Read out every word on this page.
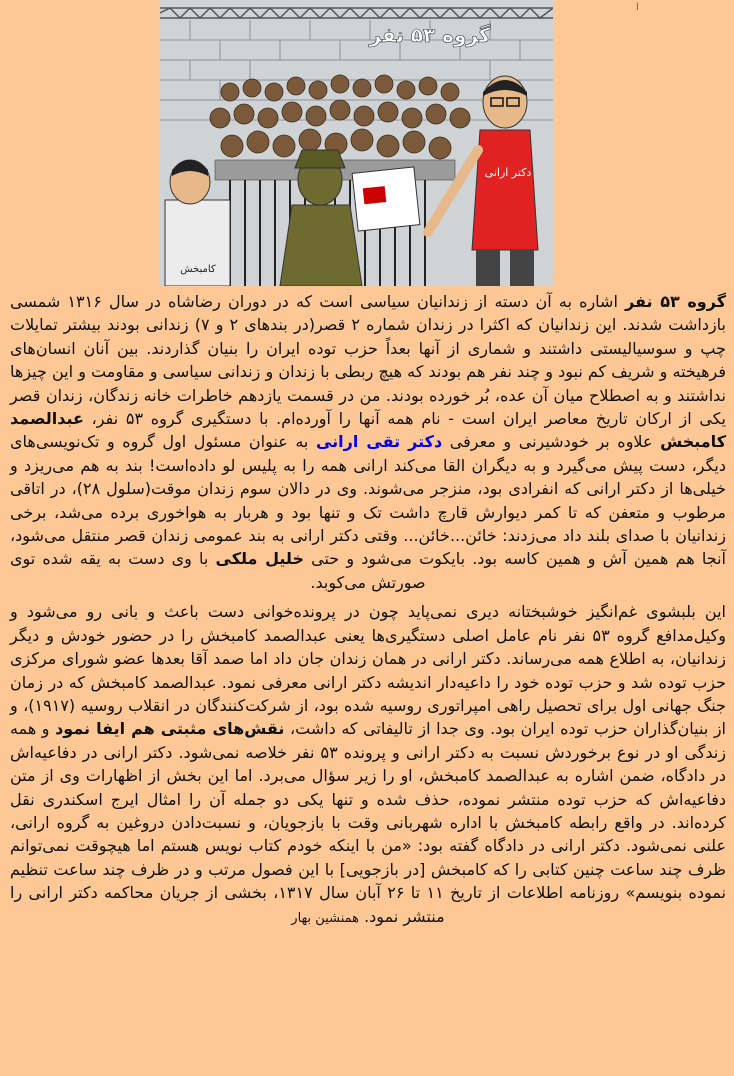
ا
گروه ۵۳ نفر
کامبخش
دکتر ارانی

گروه ۵۳ نفر اشاره به آن دسته از زندانیان سیاسی است که در دوران رضاشاه در سال ۱۳۱۶ شمسی بازداشت شدند. این زندانیان که اکثرا در زندان شماره ۲ قصر(در بندهای ۲ و ۷) زندانی بودند بیشتر تمایلات چپ و سوسیالیستی داشتند و شماری از آنها بعداً حزب توده ایران را بنیان گذاردند. بین آنان انسان‌های فرهیخته و شریف کم نبود و چند نفر هم بودند که هیچ ربطی با زندان و زندانی سیاسی و مقاومت و این چیزها نداشتند و به اصطلاح میان آن عده، بُر خورده بودند. من در قسمت یازدهم خاطرات خانه زندگان، زندان قصر یکی از ارکان تاریخ معاصر ایران است - نام همه آنها را آورده‌ام. با دستگیری گروه ۵۳ نفر، عبدالصمد کامبخش علاوه بر خودشیرنی و معرفی دکتر تقی ارانی به عنوان مسئول اول گروه و تک‌نویسی‌های دیگر، دست پیش می‌گیرد و به دیگران القا می‌کند ارانی همه را به پلیس لو داده‌است! بند به هم می‌ریزد و خیلی‌ها از دکتر ارانی که انفرادی بود، منزجر می‌شوند. وی در دالان سوم زندان موقت(سلول ۲۸)، در اتاقی مرطوب و متعفن که تا کمر دیوارش قارچ داشت تک و تنها بود و هربار به هواخوری برده می‌شد، برخی زندانیان با صدای بلند داد می‌زدند: خائن...خائن... وقتی دکتر ارانی به بند عمومی زندان قصر منتقل می‌شود، آنجا هم همین آش و همین کاسه بود. بایکوت می‌شود و حتی خلیل ملکی با وی دست به یقه شده توی صورتش می‌کوبد.

این بلبشوی غم‌انگیز خوشبختانه دیری نمی‌پاید چون در پرونده‌خوانی دست باعث و بانی رو می‌شود و وکیل‌مدافع گروه ۵۳ نفر نام عامل اصلی دستگیری‌ها یعنی عبدالصمد کامبخش را در حضور خودش و دیگر زندانیان، به اطلاع همه می‌رساند. دکتر ارانی در همان زندان جان داد اما صمد آقا بعدها عضو شورای مرکزی حزب توده شد و حزب توده خود را داعیه‌دار اندیشه دکتر ارانی معرفی نمود. عبدالصمد کامبخش که در زمان جنگ جهانی اول برای تحصیل راهی امپراتوری روسیه شده بود، از شرکت‌کنندگان در انقلاب روسیه (۱۹۱۷)، و از بنیان‌گذاران حزب توده ایران بود. وی جدا از تالیفاتی که داشت، نقش‌های مثبتی هم ایفا نمود و همه زندگی او در نوع برخوردش نسبت به دکتر ارانی و پرونده ۵۳ نفر خلاصه نمی‌شود. دکتر ارانی در دفاعیه‌اش در دادگاه، ضمن اشاره به عبدالصمد کامبخش، او را زیر سؤال می‌برد. اما این بخش از اظهارات وی از متن دفاعیه‌اش که حزب توده منتشر نموده، حذف شده و تنها یکی دو جمله آن را امثال ایرج اسکندری نقل کرده‌اند. در واقع رابطه کامبخش با اداره شهربانی وقت با بازجویان، و نسبت‌دادن دروغین به گروه ارانی، علنی نمی‌شود. دکتر ارانی در دادگاه گفته بود: «من با اینکه خودم کتاب نویس هستم اما هیچوقت نمی‌توانم ظرف چند ساعت چنین کتابی را که کامبخش [در بازجویی] با این فصول مرتب و در ظرف چند ساعت تنظیم نموده بنویسم» روزنامه اطلاعات از تاریخ ۱۱ تا ۲۶ آبان سال ۱۳۱۷، بخشی از جریان محاکمه دکتر ارانی را منتشر نمود. همنشین بهار
